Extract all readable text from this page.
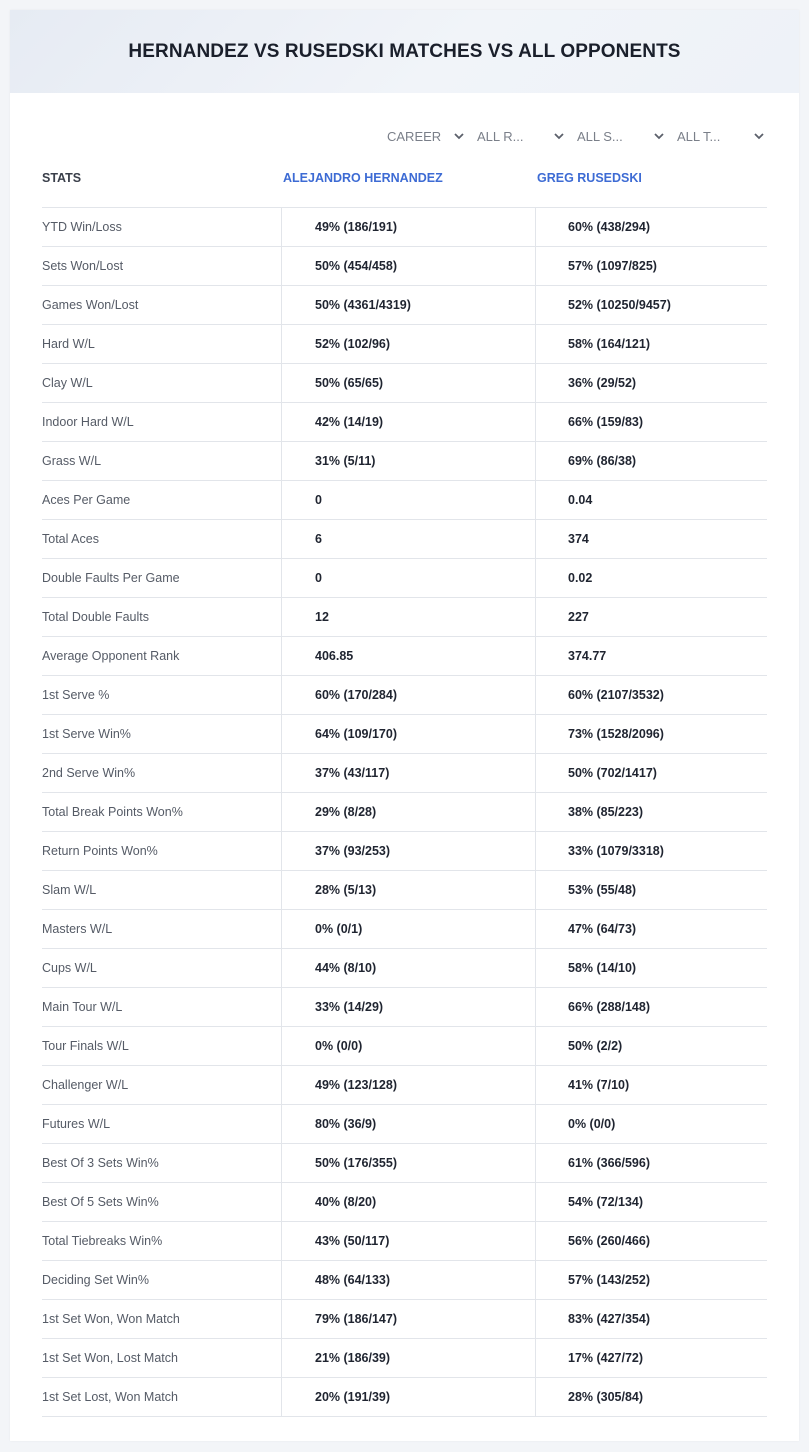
HERNANDEZ VS RUSEDSKI MATCHES VS ALL OPPONENTS
CAREER	ALL R...	ALL S...	ALL T...
STATS	ALEJANDRO HERNANDEZ	GREG RUSEDSKI
YTD Win/Loss	49% (186/191)	60% (438/294)
Sets Won/Lost	50% (454/458)	57% (1097/825)
Games Won/Lost	50% (4361/4319)	52% (10250/9457)
Hard W/L	52% (102/96)	58% (164/121)
Clay W/L	50% (65/65)	36% (29/52)
Indoor Hard W/L	42% (14/19)	66% (159/83)
Grass W/L	31% (5/11)	69% (86/38)
Aces Per Game	0	0.04
Total Aces	6	374
Double Faults Per Game	0	0.02
Total Double Faults	12	227
Average Opponent Rank	406.85	374.77
1st Serve %	60% (170/284)	60% (2107/3532)
1st Serve Win%	64% (109/170)	73% (1528/2096)
2nd Serve Win%	37% (43/117)	50% (702/1417)
Total Break Points Won%	29% (8/28)	38% (85/223)
Return Points Won%	37% (93/253)	33% (1079/3318)
Slam W/L	28% (5/13)	53% (55/48)
Masters W/L	0% (0/1)	47% (64/73)
Cups W/L	44% (8/10)	58% (14/10)
Main Tour W/L	33% (14/29)	66% (288/148)
Tour Finals W/L	0% (0/0)	50% (2/2)
Challenger W/L	49% (123/128)	41% (7/10)
Futures W/L	80% (36/9)	0% (0/0)
Best Of 3 Sets Win%	50% (176/355)	61% (366/596)
Best Of 5 Sets Win%	40% (8/20)	54% (72/134)
Total Tiebreaks Win%	43% (50/117)	56% (260/466)
Deciding Set Win%	48% (64/133)	57% (143/252)
1st Set Won, Won Match	79% (186/147)	83% (427/354)
1st Set Won, Lost Match	21% (186/39)	17% (427/72)
1st Set Lost, Won Match	20% (191/39)	28% (305/84)
